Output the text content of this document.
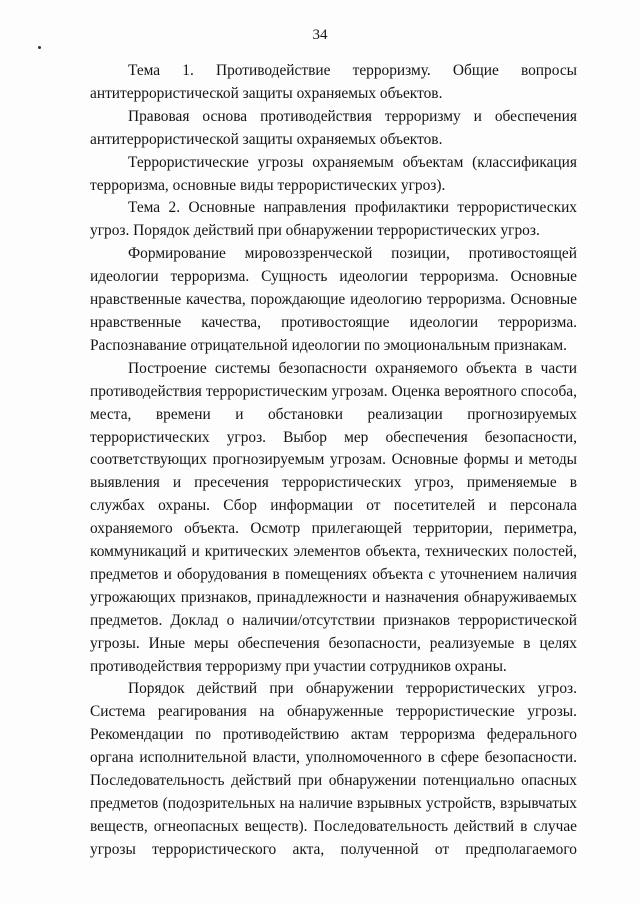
34

Тема 1. Противодействие терроризму. Общие вопросы антитеррористической защиты охраняемых объектов.

Правовая основа противодействия терроризму и обеспечения антитеррористической защиты охраняемых объектов.

Террористические угрозы охраняемым объектам (классификация терроризма, основные виды террористических угроз).

Тема 2. Основные направления профилактики террористических угроз. Порядок действий при обнаружении террористических угроз.

Формирование мировоззренческой позиции, противостоящей идеологии терроризма. Сущность идеологии терроризма. Основные нравственные качества, порождающие идеологию терроризма. Основные нравственные качества, противостоящие идеологии терроризма. Распознавание отрицательной идеологии по эмоциональным признакам.

Построение системы безопасности охраняемого объекта в части противодействия террористическим угрозам. Оценка вероятного способа, места, времени и обстановки реализации прогнозируемых террористических угроз. Выбор мер обеспечения безопасности, соответствующих прогнозируемым угрозам. Основные формы и методы выявления и пресечения террористических угроз, применяемые в службах охраны. Сбор информации от посетителей и персонала охраняемого объекта. Осмотр прилегающей территории, периметра, коммуникаций и критических элементов объекта, технических полостей, предметов и оборудования в помещениях объекта с уточнением наличия угрожающих признаков, принадлежности и назначения обнаруживаемых предметов. Доклад о наличии/отсутствии признаков террористической угрозы. Иные меры обеспечения безопасности, реализуемые в целях противодействия терроризму при участии сотрудников охраны.

Порядок действий при обнаружении террористических угроз. Система реагирования на обнаруженные террористические угрозы. Рекомендации по противодействию актам терроризма федерального органа исполнительной власти, уполномоченного в сфере безопасности. Последовательность действий при обнаружении потенциально опасных предметов (подозрительных на наличие взрывных устройств, взрывчатых веществ, огнеопасных веществ). Последовательность действий в случае угрозы террористического акта, полученной от предполагаемого
